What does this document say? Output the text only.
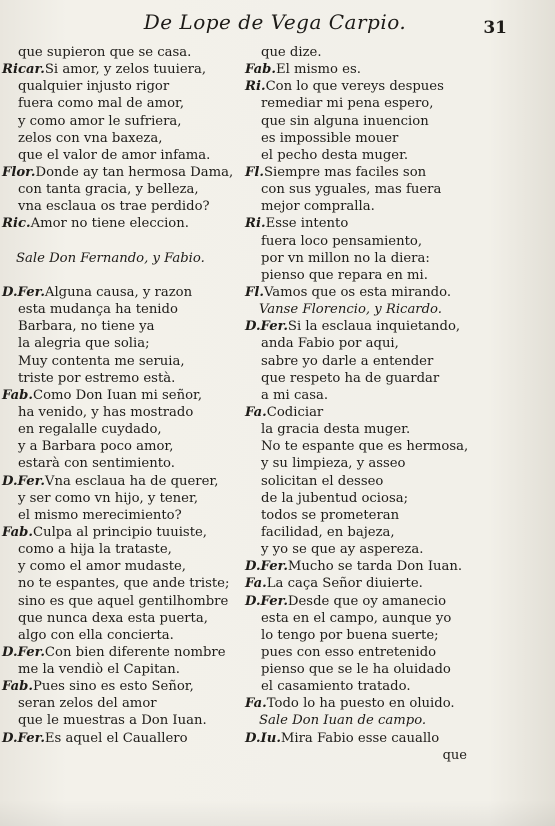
De Lope de Vega Carpio.	31
que supieron que se casa.
Ricar.Si amor, y zelos tuuiera,
qualquier injusto rigor
fuera como mal de amor,
y como amor le sufriera,
zelos con vna baxeza,
que el valor de amor infama.
Flor.Donde ay tan hermosa Dama,
con tanta gracia, y belleza,
vna esclaua os trae perdido?
Ric.Amor no tiene eleccion.
Sale Don Fernando, y Fabio.
D.Fer.Alguna causa, y razon
esta mudança ha tenido
Barbara, no tiene ya
la alegria que solia;
Muy contenta me seruia,
triste por estremo està.
Fab.Como Don Iuan mi señor,
ha venido, y has mostrado
en regalalle cuydado,
y a Barbara poco amor,
estarà con sentimiento.
D.Fer.Vna esclaua ha de querer,
y ser como vn hijo, y tener,
el mismo merecimiento?
Fab.Culpa al principio tuuiste,
como a hija la trataste,
y como el amor mudaste,
no te espantes, que ande triste;
sino es que aquel gentilhombre
que nunca dexa esta puerta,
algo con ella concierta.
D.Fer.Con bien diferente nombre
me la vendiò el Capitan.
Fab.Pues sino es esto Señor,
seran zelos del amor
que le muestras a Don Iuan.
D.Fer.Es aquel el Cauallero
que dize.
Fab.El mismo es.
Ri.Con lo que vereys despues
remediar mi pena espero,
que sin alguna inuencion
es impossible mouer
el pecho desta muger.
Fl.Siempre mas faciles son
con sus yguales, mas fuera
mejor compralla.
Ri.Esse intento
fuera loco pensamiento,
por vn millon no la diera:
pienso que repara en mi.
Fl.Vamos que os esta mirando.
Vanse Florencio, y Ricardo.
D.Fer.Si la esclaua inquietando,
anda Fabio por aqui,
sabre yo darle a entender
que respeto ha de guardar
a mi casa.
Fa.Codiciar
la gracia desta muger.
No te espante que es hermosa,
y su limpieza, y asseo
solicitan el desseo
de la jubentud ociosa;
todos se prometeran
facilidad, en bajeza,
y yo se que ay aspereza.
D.Fer.Mucho se tarda Don Iuan.
Fa.La caça Señor diuierte.
D.Fer.Desde que oy amanecio
esta en el campo, aunque yo
lo tengo por buena suerte;
pues con esso entretenido
pienso que se le ha oluidado
el casamiento tratado.
Fa.Todo lo ha puesto en oluido.
Sale Don Iuan de campo.
D.Iu.Mira Fabio esse cauallo
que
